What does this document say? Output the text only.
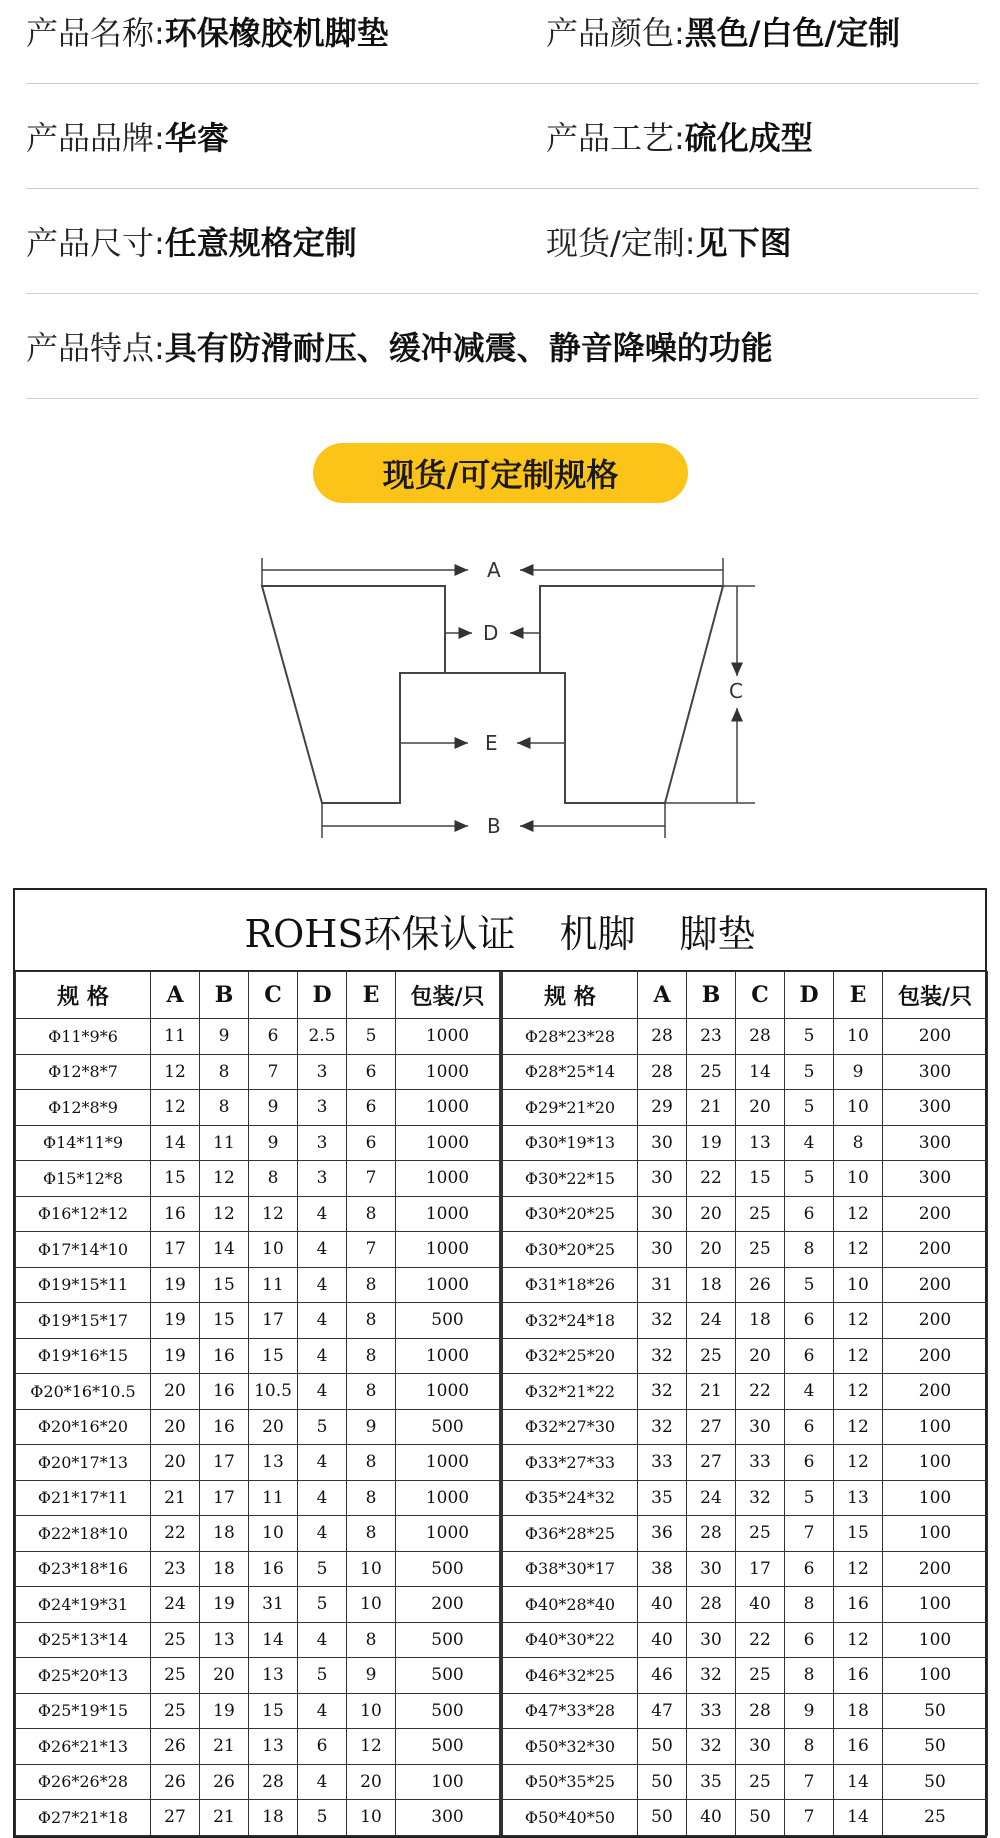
产品名称: 环保橡胶机脚垫	产品颜色: 黑色/白色/定制
产品品牌: 华睿	产品工艺: 硫化成型
产品尺寸: 任意规格定制	现货/定制: 见下图
产品特点: 具有防滑耐压、缓冲减震、静音降噪的功能
现货/可定制规格
A
D
E
B
C
ROHS环保认证 机脚 脚垫
规 格	A	B	C	D	E	包装/只
Φ11*9*6	11	9	6	2.5	5	1000
Φ12*8*7	12	8	7	3	6	1000
Φ12*8*9	12	8	9	3	6	1000
Φ14*11*9	14	11	9	3	6	1000
Φ15*12*8	15	12	8	3	7	1000
Φ16*12*12	16	12	12	4	8	1000
Φ17*14*10	17	14	10	4	7	1000
Φ19*15*11	19	15	11	4	8	1000
Φ19*15*17	19	15	17	4	8	500
Φ19*16*15	19	16	15	4	8	1000
Φ20*16*10.5	20	16	10.5	4	8	1000
Φ20*16*20	20	16	20	5	9	500
Φ20*17*13	20	17	13	4	8	1000
Φ21*17*11	21	17	11	4	8	1000
Φ22*18*10	22	18	10	4	8	1000
Φ23*18*16	23	18	16	5	10	500
Φ24*19*31	24	19	31	5	10	200
Φ25*13*14	25	13	14	4	8	500
Φ25*20*13	25	20	13	5	9	500
Φ25*19*15	25	19	15	4	10	500
Φ26*21*13	26	21	13	6	12	500
Φ26*26*28	26	26	28	4	20	100
Φ27*21*18	27	21	18	5	10	300
规 格	A	B	C	D	E	包装/只
Φ28*23*28	28	23	28	5	10	200
Φ28*25*14	28	25	14	5	9	300
Φ29*21*20	29	21	20	5	10	300
Φ30*19*13	30	19	13	4	8	300
Φ30*22*15	30	22	15	5	10	300
Φ30*20*25	30	20	25	6	12	200
Φ30*20*25	30	20	25	8	12	200
Φ31*18*26	31	18	26	5	10	200
Φ32*24*18	32	24	18	6	12	200
Φ32*25*20	32	25	20	6	12	200
Φ32*21*22	32	21	22	4	12	200
Φ32*27*30	32	27	30	6	12	100
Φ33*27*33	33	27	33	6	12	100
Φ35*24*32	35	24	32	5	13	100
Φ36*28*25	36	28	25	7	15	100
Φ38*30*17	38	30	17	6	12	200
Φ40*28*40	40	28	40	8	16	100
Φ40*30*22	40	30	22	6	12	100
Φ46*32*25	46	32	25	8	16	100
Φ47*33*28	47	33	28	9	18	50
Φ50*32*30	50	32	30	8	16	50
Φ50*35*25	50	35	25	7	14	50
Φ50*40*50	50	40	50	7	14	25
